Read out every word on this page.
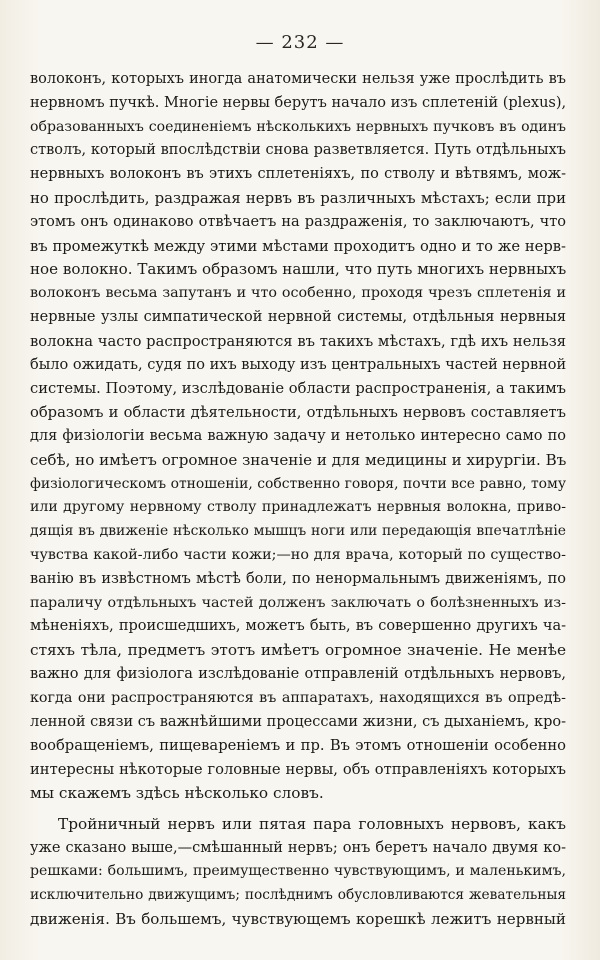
— 232 —
волоконъ, которыхъ иногда анатомически нельзя уже прослѣдить въ
нервномъ пучкѣ. Многіе нервы берутъ начало изъ сплетеній (plexus),
образованныхъ соединеніемъ нѣсколькихъ нервныхъ пучковъ въ одинъ
стволъ, который впослѣдствіи снова разветвляется. Путь отдѣльныхъ
нервныхъ волоконъ въ этихъ сплетеніяхъ, по стволу и вѣтвямъ, мож-
но прослѣдить, раздражая нервъ въ различныхъ мѣстахъ; если при
этомъ онъ одинаково отвѣчаетъ на раздраженія, то заключаютъ, что
въ промежуткѣ между этими мѣстами проходитъ одно и то же нерв-
ное волокно. Такимъ образомъ нашли, что путь многихъ нервныхъ
волоконъ весьма запутанъ и что особенно, проходя чрезъ сплетенія и
нервные узлы симпатической нервной системы, отдѣльныя нервныя
волокна часто распространяются въ такихъ мѣстахъ, гдѣ ихъ нельзя
было ожидать, судя по ихъ выходу изъ центральныхъ частей нервной
системы. Поэтому, изслѣдованіе области распространенія, а такимъ
образомъ и области дѣятельности, отдѣльныхъ нервовъ составляетъ
для физіологіи весьма важную задачу и нетолько интересно само по
себѣ, но имѣетъ огромное значеніе и для медицины и хирургіи. Въ
физіологическомъ отношеніи, собственно говоря, почти все равно, тому
или другому нервному стволу принадлежатъ нервныя волокна, приво-
дящія въ движеніе нѣсколько мышцъ ноги или передающія впечатлѣніе
чувства какой-либо части кожи;—но для врача, который по существо-
ванію въ извѣстномъ мѣстѣ боли, по ненормальнымъ движеніямъ, по
параличу отдѣльныхъ частей долженъ заключать о болѣзненныхъ из-
мѣненіяхъ, происшедшихъ, можетъ быть, въ совершенно другихъ ча-
стяхъ тѣла, предметъ этотъ имѣетъ огромное значеніе. Не менѣе
важно для физіолога изслѣдованіе отправленій отдѣльныхъ нервовъ,
когда они распространяются въ аппаратахъ, находящихся въ опредѣ-
ленной связи съ важнѣйшими процессами жизни, съ дыханіемъ, кро-
вообращеніемъ, пищевареніемъ и пр. Въ этомъ отношеніи особенно
интересны нѣкоторые головные нервы, объ отправленіяхъ которыхъ
мы скажемъ здѣсь нѣсколько словъ.
Тройничный нервъ или пятая пара головныхъ нервовъ, какъ
уже сказано выше,—смѣшанный нервъ; онъ беретъ начало двумя ко-
решками: большимъ, преимущественно чувствующимъ, и маленькимъ,
исключительно движущимъ; послѣднимъ обусловливаются жевательныя
движенія. Въ большемъ, чувствующемъ корешкѣ лежитъ нервный
